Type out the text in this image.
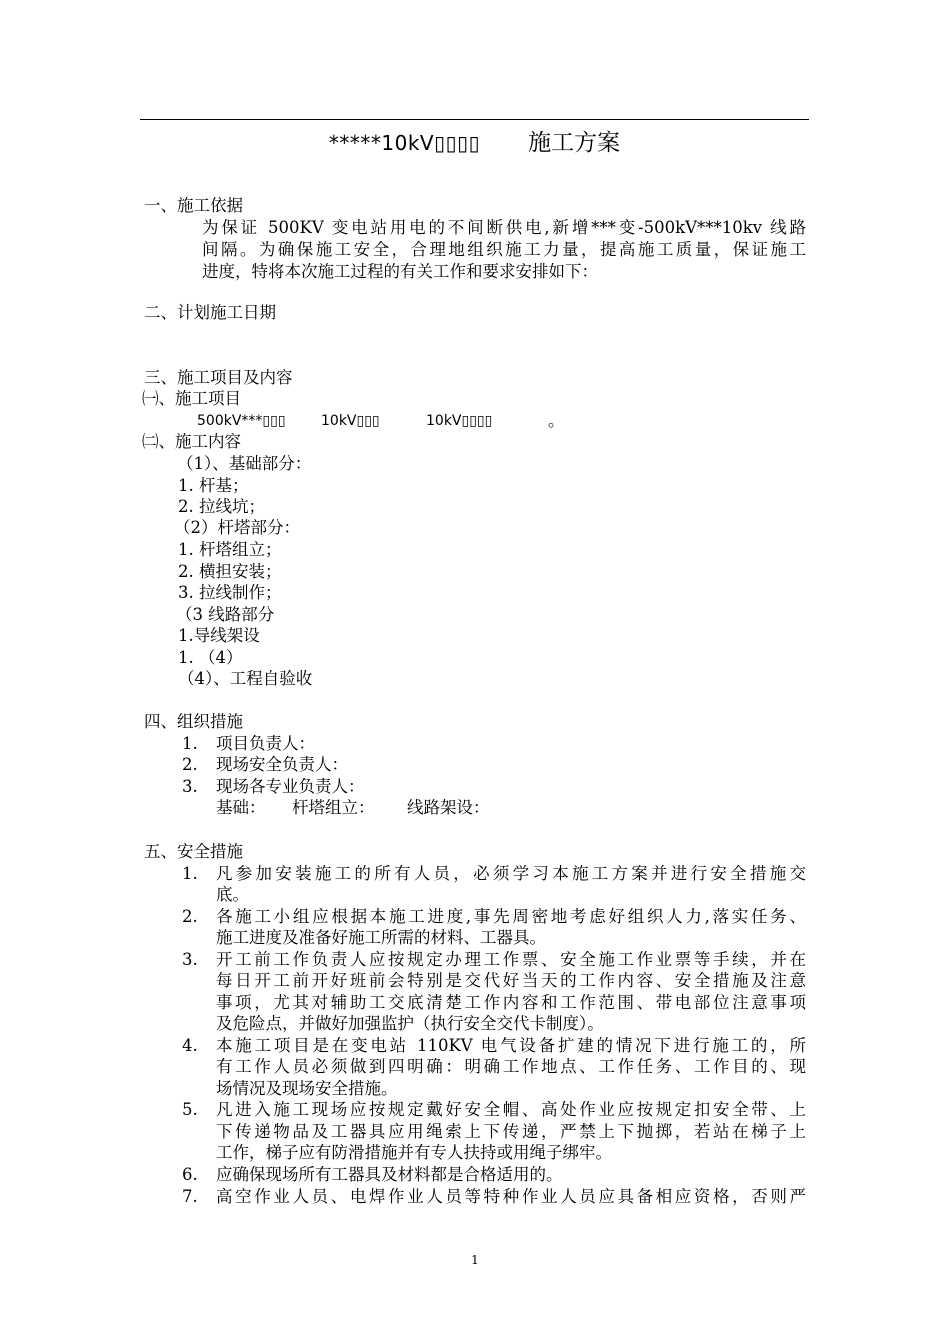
*****10kV▯▯▯▯ 施工方案
一、施工依据
为保证 500KV 变电站用电的不间断供电,新增***变-500kV***10kv 线路
间隔。为确保施工安全，合理地组织施工力量，提高施工质量，保证施工
进度，特将本次施工过程的有关工作和要求安排如下：
二、计划施工日期
三、施工项目及内容
㈠、施工项目
500kV***▯▯▯	10kV▯▯▯	10kV▯▯▯▯	。
㈡、施工内容
（1）、基础部分：
1. 杆基；
2. 拉线坑；
（2）杆塔部分：
1. 杆塔组立；
2. 横担安装；
3. 拉线制作；
（3 线路部分
1.导线架设
1. （4）
（4）、工程自验收
四、组织措施
1. 项目负责人：
2. 现场安全负责人：
3. 现场各专业负责人：
基础： 杆塔组立： 线路架设：
五、安全措施
1. 凡参加安装施工的所有人员，必须学习本施工方案并进行安全措施交
底。
2. 各施工小组应根据本施工进度,事先周密地考虑好组织人力,落实任务、
施工进度及准备好施工所需的材料、工器具。
3. 开工前工作负责人应按规定办理工作票、安全施工作业票等手续，并在
每日开工前开好班前会特别是交代好当天的工作内容、安全措施及注意
事项，尤其对辅助工交底清楚工作内容和工作范围、带电部位注意事项
及危险点，并做好加强监护（执行安全交代卡制度）。
4. 本施工项目是在变电站 110KV 电气设备扩建的情况下进行施工的，所
有工作人员必须做到四明确：明确工作地点、工作任务、工作目的、现
场情况及现场安全措施。
5. 凡进入施工现场应按规定戴好安全帽、高处作业应按规定扣安全带、上
下传递物品及工器具应用绳索上下传递，严禁上下抛掷，若站在梯子上
工作，梯子应有防滑措施并有专人扶持或用绳子绑牢。
6. 应确保现场所有工器具及材料都是合格适用的。
7. 高空作业人员、电焊作业人员等特种作业人员应具备相应资格，否则严
1
